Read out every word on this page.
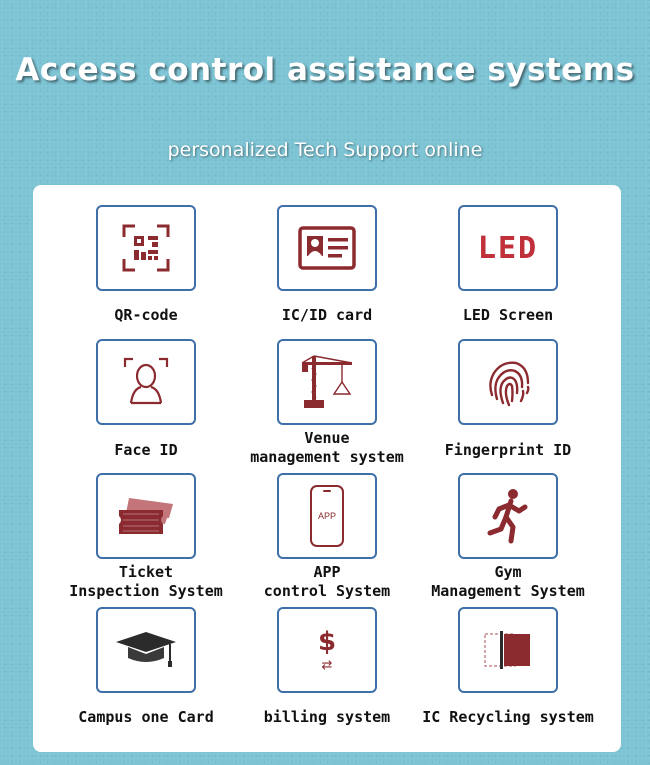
Access control assistance systems
personalized Tech Support online
QR-code	IC/ID card
LED
LED Screen
Face ID
Venue
management system	Fingerprint ID
Ticket
Inspection System
APP
APP
control System
Gym
Management System
Campus one Card
$
⇄
billing system	IC Recycling system
